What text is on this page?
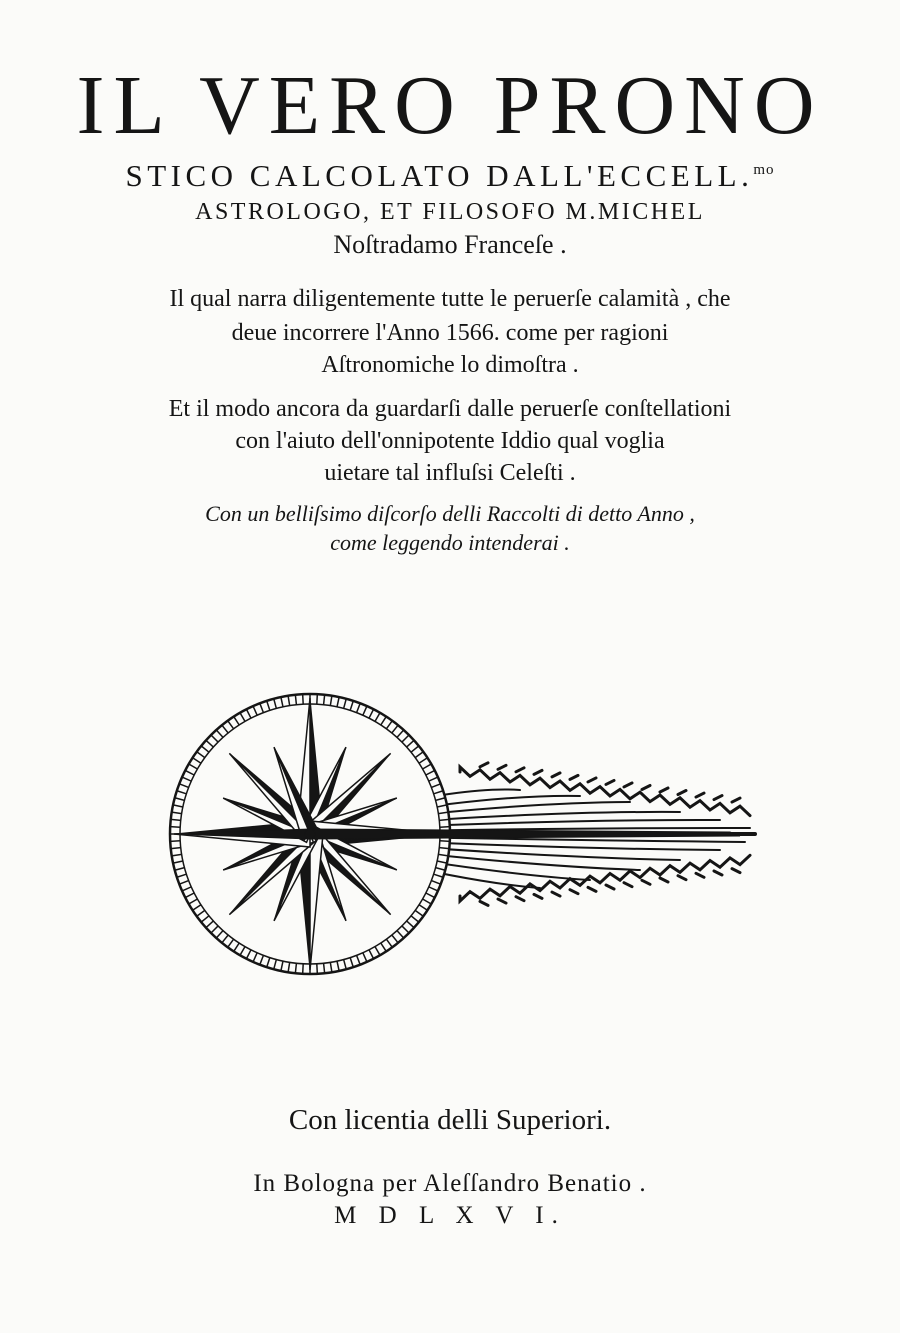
IL VERO PRONO
STICO CALCOLATO DALL'ECCELL.$^{mo}$
ASTROLOGO, ET FILOSOFO M.MICHEL
Noſtradamo Franceſe .
Il qual narra diligentemente tutte le peruerſe calamità , che
deue incorrere l'Anno 1566. come per ragioni
Aſtronomiche lo dimoſtra .
Et il modo ancora da guardarſi dalle peruerſe conſtellationi
con l'aiuto dell'onnipotente Iddio qual voglia
uietare tal influſsi Celeſti .
Con un belliſsimo diſcorſo delli Raccolti di detto Anno ,
come leggendo intenderai .
Con licentia delli Superiori.
In Bologna per Aleſſandro Benatio .
M D L X V I.
